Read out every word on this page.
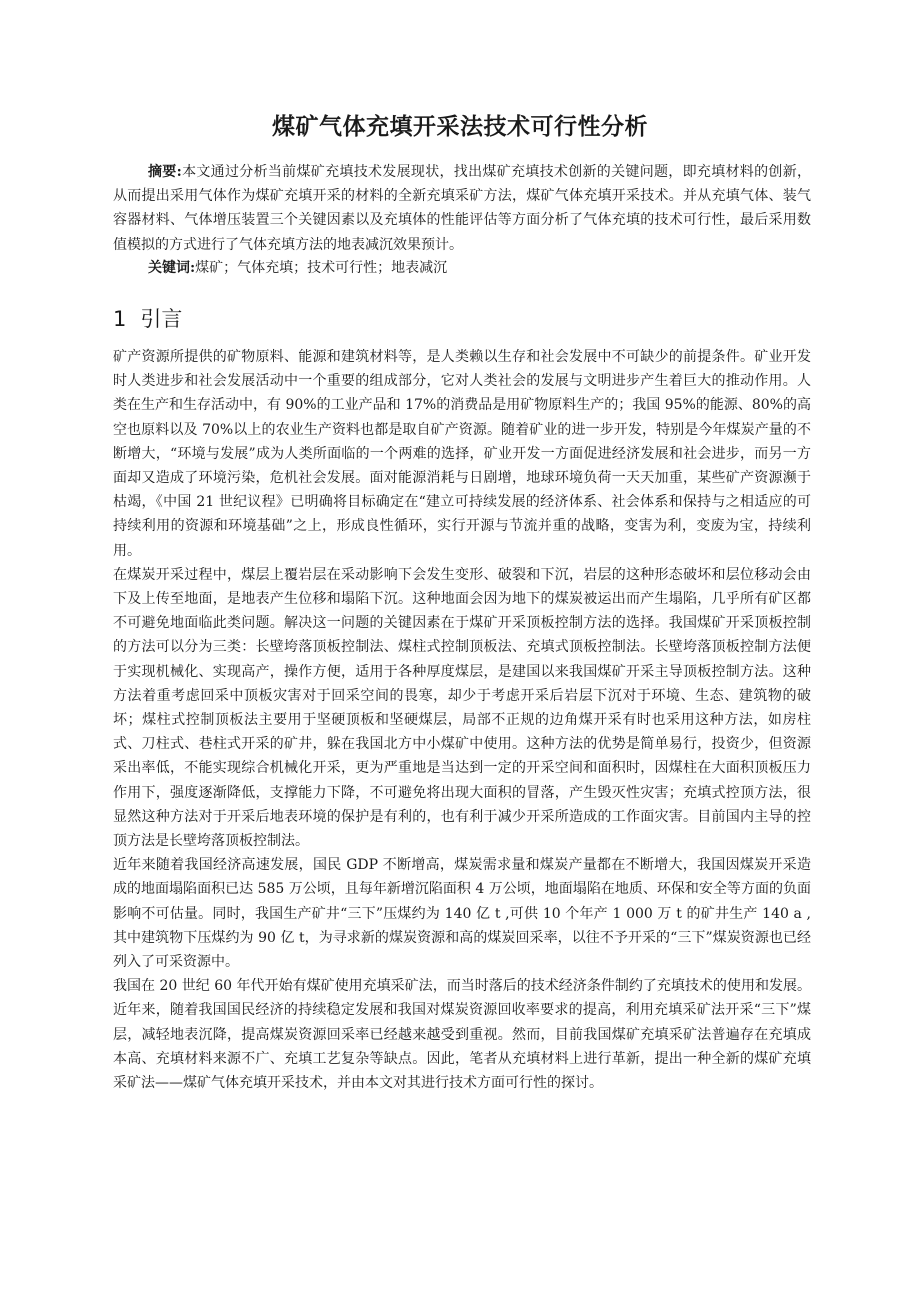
煤矿气体充填开采法技术可行性分析

摘要:本文通过分析当前煤矿充填技术发展现状，找出煤矿充填技术创新的关键问题，即充填材料的创新，从而提出采用气体作为煤矿充填开采的材料的全新充填采矿方法，煤矿气体充填开采技术。并从充填气体、装气容器材料、气体增压装置三个关键因素以及充填体的性能评估等方面分析了气体充填的技术可行性，最后采用数值模拟的方式进行了气体充填方法的地表减沉效果预计。

关键词:煤矿；气体充填；技术可行性；地表减沉

1 引言

矿产资源所提供的矿物原料、能源和建筑材料等，是人类赖以生存和社会发展中不可缺少的前提条件。矿业开发时人类进步和社会发展活动中一个重要的组成部分，它对人类社会的发展与文明进步产生着巨大的推动作用。人类在生产和生存活动中，有 90%的工业产品和 17%的消费品是用矿物原料生产的；我国 95%的能源、80%的高空也原料以及 70%以上的农业生产资料也都是取自矿产资源。随着矿业的进一步开发，特别是今年煤炭产量的不断增大，“环境与发展”成为人类所面临的一个两难的选择，矿业开发一方面促进经济发展和社会进步，而另一方面却又造成了环境污染，危机社会发展。面对能源消耗与日剧增，地球环境负荷一天天加重，某些矿产资源濒于枯竭，《中国 21 世纪议程》已明确将目标确定在“建立可持续发展的经济体系、社会体系和保持与之相适应的可持续利用的资源和环境基础”之上，形成良性循环，实行开源与节流并重的战略，变害为利，变废为宝，持续利用。

在煤炭开采过程中，煤层上覆岩层在采动影响下会发生变形、破裂和下沉，岩层的这种形态破坏和层位移动会由下及上传至地面，是地表产生位移和塌陷下沉。这种地面会因为地下的煤炭被运出而产生塌陷，几乎所有矿区都不可避免地面临此类问题。解决这一问题的关键因素在于煤矿开采顶板控制方法的选择。我国煤矿开采顶板控制的方法可以分为三类：长壁垮落顶板控制法、煤柱式控制顶板法、充填式顶板控制法。长壁垮落顶板控制方法便于实现机械化、实现高产，操作方便，适用于各种厚度煤层，是建国以来我国煤矿开采主导顶板控制方法。这种方法着重考虑回采中顶板灾害对于回采空间的畏寒，却少于考虑开采后岩层下沉对于环境、生态、建筑物的破坏；煤柱式控制顶板法主要用于坚硬顶板和坚硬煤层，局部不正规的边角煤开采有时也采用这种方法，如房柱式、刀柱式、巷柱式开采的矿井，躲在我国北方中小煤矿中使用。这种方法的优势是简单易行，投资少，但资源采出率低，不能实现综合机械化开采，更为严重地是当达到一定的开采空间和面积时，因煤柱在大面积顶板压力作用下，强度逐渐降低，支撑能力下降，不可避免将出现大面积的冒落，产生毁灭性灾害；充填式控顶方法，很显然这种方法对于开采后地表环境的保护是有利的，也有利于减少开采所造成的工作面灾害。目前国内主导的控顶方法是长壁垮落顶板控制法。

近年来随着我国经济高速发展，国民 GDP 不断增高，煤炭需求量和煤炭产量都在不断增大，我国因煤炭开采造成的地面塌陷面积已达 585 万公顷，且每年新增沉陷面积 4 万公顷，地面塌陷在地质、环保和安全等方面的负面影响不可估量。同时，我国生产矿井“三下”压煤约为 140 亿 t ,可供 10 个年产 1 000 万 t 的矿井生产 140 a ,其中建筑物下压煤约为 90 亿 t，为寻求新的煤炭资源和高的煤炭回采率，以往不予开采的“三下”煤炭资源也已经列入了可采资源中。

我国在 20 世纪 60 年代开始有煤矿使用充填采矿法，而当时落后的技术经济条件制约了充填技术的使用和发展。近年来，随着我国国民经济的持续稳定发展和我国对煤炭资源回收率要求的提高，利用充填采矿法开采“三下”煤层，减轻地表沉降，提高煤炭资源回采率已经越来越受到重视。然而，目前我国煤矿充填采矿法普遍存在充填成本高、充填材料来源不广、充填工艺复杂等缺点。因此，笔者从充填材料上进行革新，提出一种全新的煤矿充填采矿法——煤矿气体充填开采技术，并由本文对其进行技术方面可行性的探讨。
